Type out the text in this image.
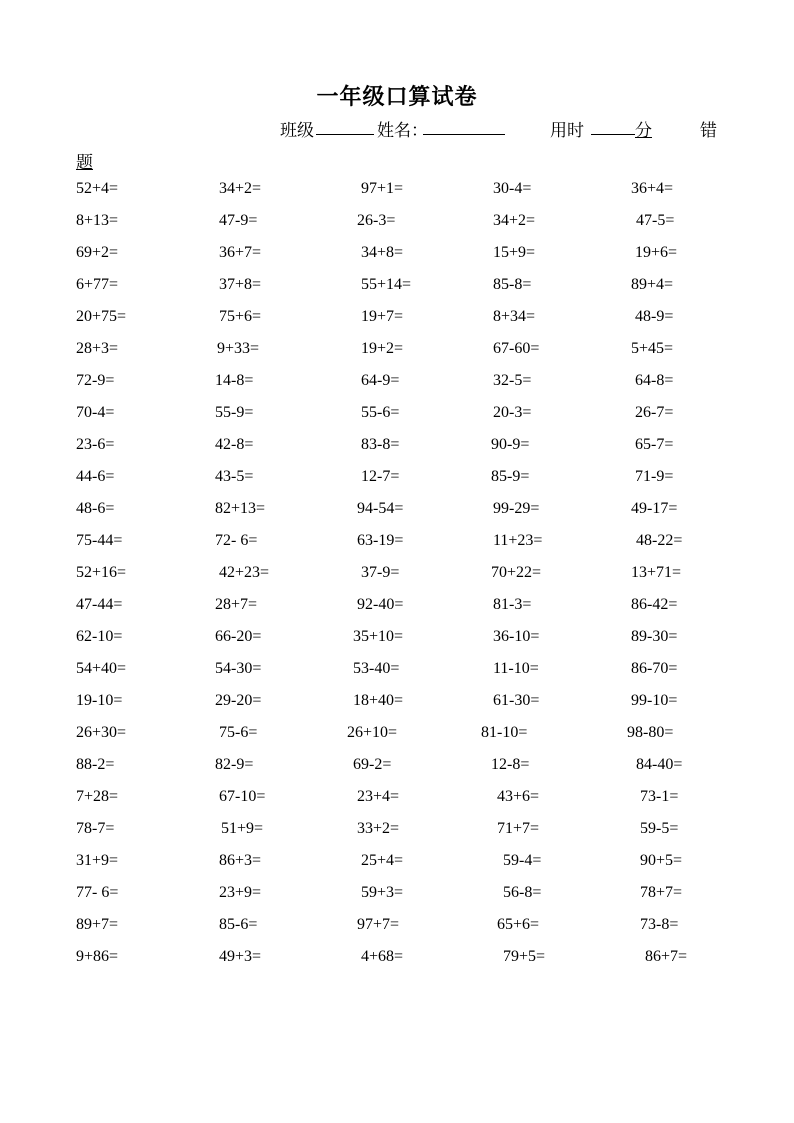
一年级口算试卷
班级	姓名：	用时	分	错
题
52+4=	34+2=	97+1=	30-4=	36+4=
8+13=	47-9=	26-3=	34+2=	47-5=
69+2=	36+7=	34+8=	15+9=	19+6=
6+77=	37+8=	55+14=	85-8=	89+4=
20+75=	75+6=	19+7=	8+34=	48-9=
28+3=	9+33=	19+2=	67-60=	5+45=
72-9=	14-8=	64-9=	32-5=	64-8=
70-4=	55-9=	55-6=	20-3=	26-7=
23-6=	42-8=	83-8=	90-9=	65-7=
44-6=	43-5=	12-7=	85-9=	71-9=
48-6=	82+13=	94-54=	99-29=	49-17=
75-44=	72- 6=	63-19=	11+23=	48-22=
52+16=	42+23=	37-9=	70+22=	13+71=
47-44=	28+7=	92-40=	81-3=	86-42=
62-10=	66-20=	35+10=	36-10=	89-30=
54+40=	54-30=	53-40=	11-10=	86-70=
19-10=	29-20=	18+40=	61-30=	99-10=
26+30=	75-6=	26+10=	81-10=	98-80=
88-2=	82-9=	69-2=	12-8=	84-40=
7+28=	67-10=	23+4=	43+6=	73-1=
78-7=	51+9=	33+2=	71+7=	59-5=
31+9=	86+3=	25+4=	59-4=	90+5=
77- 6=	23+9=	59+3=	56-8=	78+7=
89+7=	85-6=	97+7=	65+6=	73-8=
9+86=	49+3=	4+68=	79+5=	86+7=
